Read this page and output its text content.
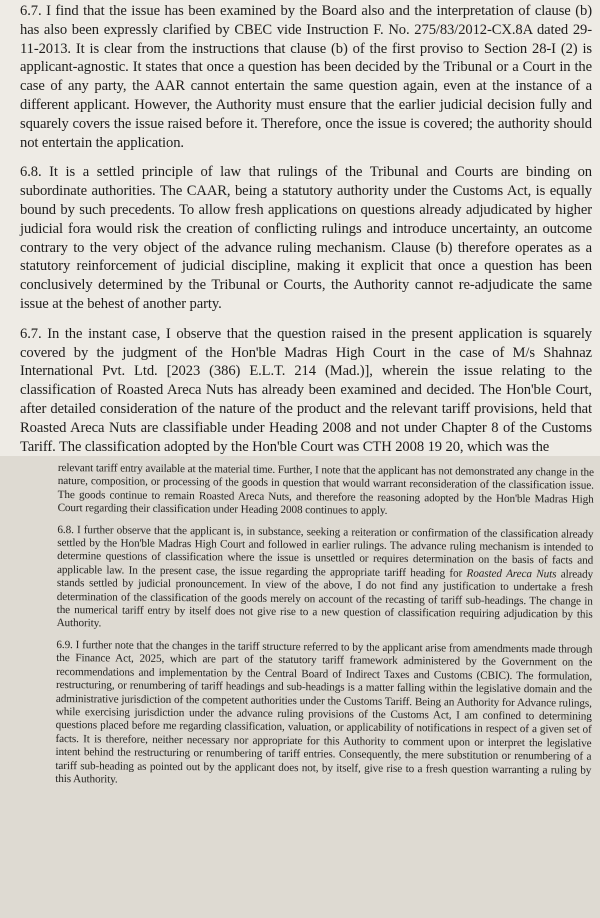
6.7. I find that the issue has been examined by the Board also and the interpretation of clause (b) has also been expressly clarified by CBEC vide Instruction F. No. 275/83/2012-CX.8A dated 29-11-2013. It is clear from the instructions that clause (b) of the first proviso to Section 28-I (2) is applicant-agnostic. It states that once a question has been decided by the Tribunal or a Court in the case of any party, the AAR cannot entertain the same question again, even at the instance of a different applicant. However, the Authority must ensure that the earlier judicial decision fully and squarely covers the issue raised before it. Therefore, once the issue is covered; the authority should not entertain the application.

6.8. It is a settled principle of law that rulings of the Tribunal and Courts are binding on subordinate authorities. The CAAR, being a statutory authority under the Customs Act, is equally bound by such precedents. To allow fresh applications on questions already adjudicated by higher judicial fora would risk the creation of conflicting rulings and introduce uncertainty, an outcome contrary to the very object of the advance ruling mechanism. Clause (b) therefore operates as a statutory reinforcement of judicial discipline, making it explicit that once a question has been conclusively determined by the Tribunal or Courts, the Authority cannot re-adjudicate the same issue at the behest of another party.

6.7. In the instant case, I observe that the question raised in the present application is squarely covered by the judgment of the Hon'ble Madras High Court in the case of M/s Shahnaz International Pvt. Ltd. [2023 (386) E.L.T. 214 (Mad.)], wherein the issue relating to the classification of Roasted Areca Nuts has already been examined and decided. The Hon'ble Court, after detailed consideration of the nature of the product and the relevant tariff provisions, held that Roasted Areca Nuts are classifiable under Heading 2008 and not under Chapter 8 of the Customs Tariff. The classification adopted by the Hon'ble Court was CTH 2008 19 20, which was the

relevant tariff entry available at the material time. Further, I note that the applicant has not demonstrated any change in the nature, composition, or processing of the goods in question that would warrant reconsideration of the classification issue. The goods continue to remain Roasted Areca Nuts, and therefore the reasoning adopted by the Hon'ble Madras High Court regarding their classification under Heading 2008 continues to apply.

6.8. I further observe that the applicant is, in substance, seeking a reiteration or confirmation of the classification already settled by the Hon'ble Madras High Court and followed in earlier rulings. The advance ruling mechanism is intended to determine questions of classification where the issue is unsettled or requires determination on the basis of facts and applicable law. In the present case, the issue regarding the appropriate tariff heading for Roasted Areca Nuts already stands settled by judicial pronouncement. In view of the above, I do not find any justification to undertake a fresh determination of the classification of the goods merely on account of the recasting of tariff sub-headings. The change in the numerical tariff entry by itself does not give rise to a new question of classification requiring adjudication by this Authority.

6.9. I further note that the changes in the tariff structure referred to by the applicant arise from amendments made through the Finance Act, 2025, which are part of the statutory tariff framework administered by the Government on the recommendations and implementation by the Central Board of Indirect Taxes and Customs (CBIC). The formulation, restructuring, or renumbering of tariff headings and sub-headings is a matter falling within the legislative domain and the administrative jurisdiction of the competent authorities under the Customs Tariff. Being an Authority for Advance rulings, while exercising jurisdiction under the advance ruling provisions of the Customs Act, I am confined to determining questions placed before me regarding classification, valuation, or applicability of notifications in respect of a given set of facts. It is therefore, neither necessary nor appropriate for this Authority to comment upon or interpret the legislative intent behind the restructuring or renumbering of tariff entries. Consequently, the mere substitution or renumbering of a tariff sub-heading as pointed out by the applicant does not, by itself, give rise to a fresh question warranting a ruling by this Authority.
